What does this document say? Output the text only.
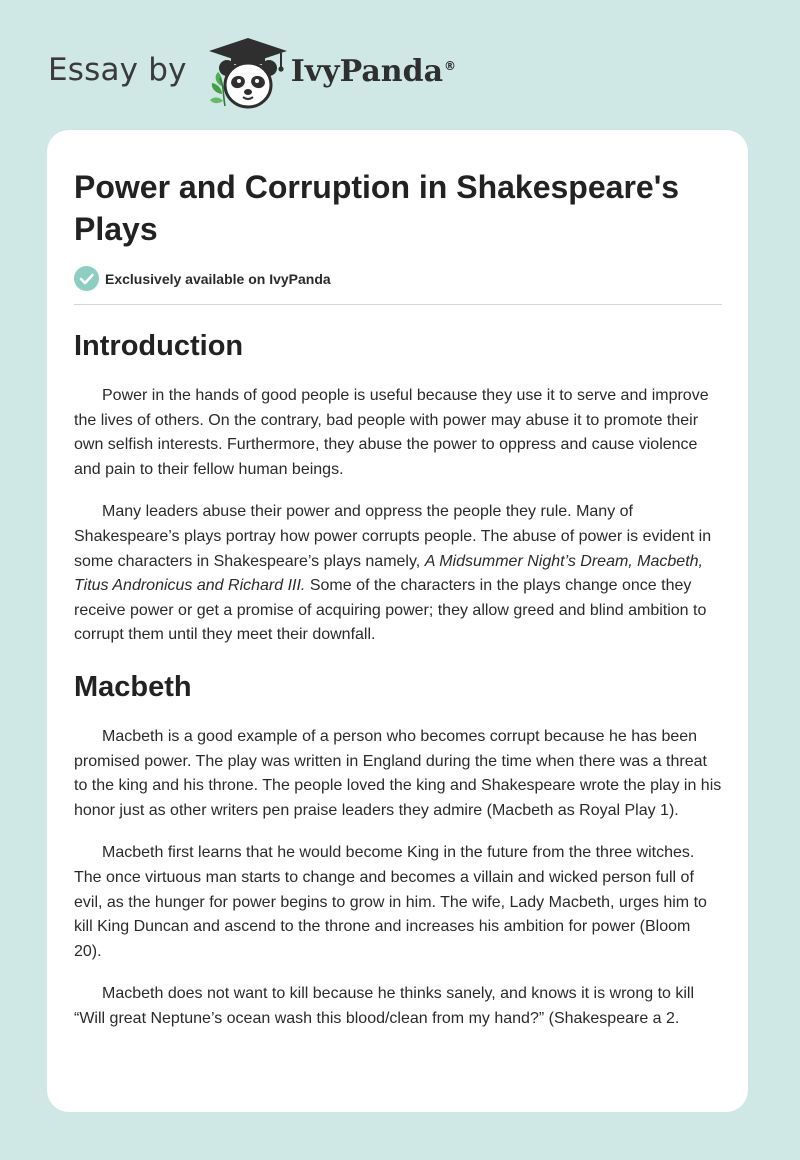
Essay by	IvyPanda®
Power and Corruption in Shakespeare's Plays
Exclusively available on IvyPanda
Introduction

Power in the hands of good people is useful because they use it to serve and improve the lives of others. On the contrary, bad people with power may abuse it to promote their own selfish interests. Furthermore, they abuse the power to oppress and cause violence and pain to their fellow human beings.

Many leaders abuse their power and oppress the people they rule. Many of Shakespeare’s plays portray how power corrupts people. The abuse of power is evident in some characters in Shakespeare’s plays namely, A Midsummer Night’s Dream, Macbeth, Titus Andronicus and Richard III. Some of the characters in the plays change once they receive power or get a promise of acquiring power; they allow greed and blind ambition to corrupt them until they meet their downfall.

Macbeth

Macbeth is a good example of a person who becomes corrupt because he has been promised power. The play was written in England during the time when there was a threat to the king and his throne. The people loved the king and Shakespeare wrote the play in his honor just as other writers pen praise leaders they admire (Macbeth as Royal Play 1).

Macbeth first learns that he would become King in the future from the three witches. The once virtuous man starts to change and becomes a villain and wicked person full of evil, as the hunger for power begins to grow in him. The wife, Lady Macbeth, urges him to kill King Duncan and ascend to the throne and increases his ambition for power (Bloom 20).

Macbeth does not want to kill because he thinks sanely, and knows it is wrong to kill “Will great Neptune’s ocean wash this blood/clean from my hand?” (Shakespeare a 2.
